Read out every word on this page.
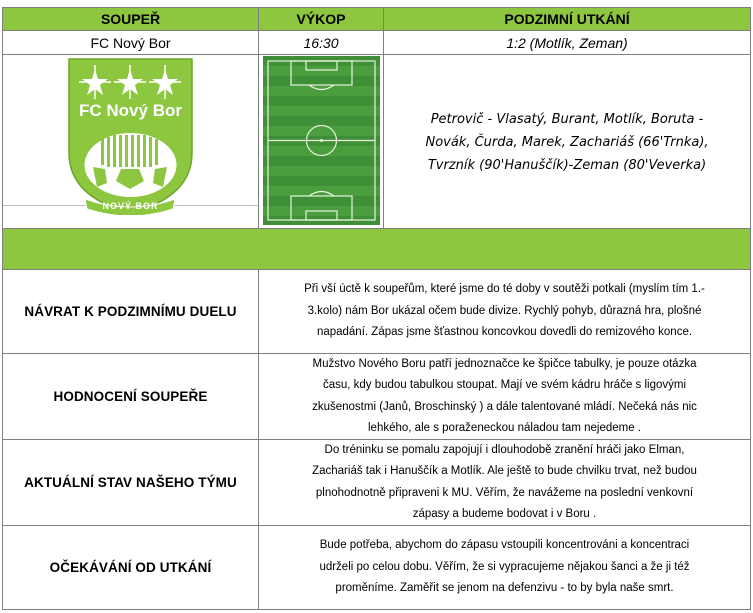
SOUPEŘ	VÝKOP	PODZIMNÍ UTKÁNÍ
FC Nový Bor	16:30	1:2 (Motlík, Zeman)
FC Nový Bor
NOVÝ BOR
Petrovič - Vlasatý, Burant, Motlík, Boruta -
Novák, Čurda, Marek, Zachariáš (66'Trnka),
Tvrzník (90'Hanuščík)-Zeman (80'Veverka)
NÁVRAT K PODZIMNÍMU DUELU
Při vší úctě k soupeřům, které jsme do té doby v soutěži potkali (myslím tím 1.-
3.kolo) nám Bor ukázal očem bude divize. Rychlý pohyb, důrazná hra, plošné
napadání. Zápas jsme šťastnou koncovkou dovedli do remizového konce.
HODNOCENÍ SOUPEŘE
Mužstvo Nového Boru patří jednoznačce ke špičce tabulky, je pouze otázka
času, kdy budou tabulkou stoupat. Mají ve svém kádru hráče s ligovými
zkušenostmi (Janů, Broschinský ) a dále talentované mládí. Nečeká nás nic
lehkého, ale s poraženeckou náladou tam nejedeme .
AKTUÁLNÍ STAV NAŠEHO TÝMU
Do tréninku se pomalu zapojují i dlouhodobě zranění hráči jako Elman,
Zachariáš tak i Hanuščík a Motlík. Ale ještě to bude chvilku trvat, než budou
plnohodnotně připraveni k MU. Věřím, že navážeme na poslední venkovní
zápasy a budeme bodovat i v Boru .
OČEKÁVÁNÍ OD UTKÁNÍ
Bude potřeba, abychom do zápasu vstoupili koncentrováni a koncentraci
udrželi po celou dobu. Věřím, že si vypracujeme nějakou šanci a že ji též
proměníme. Zaměřit se jenom na defenzivu - to by byla naše smrt.
